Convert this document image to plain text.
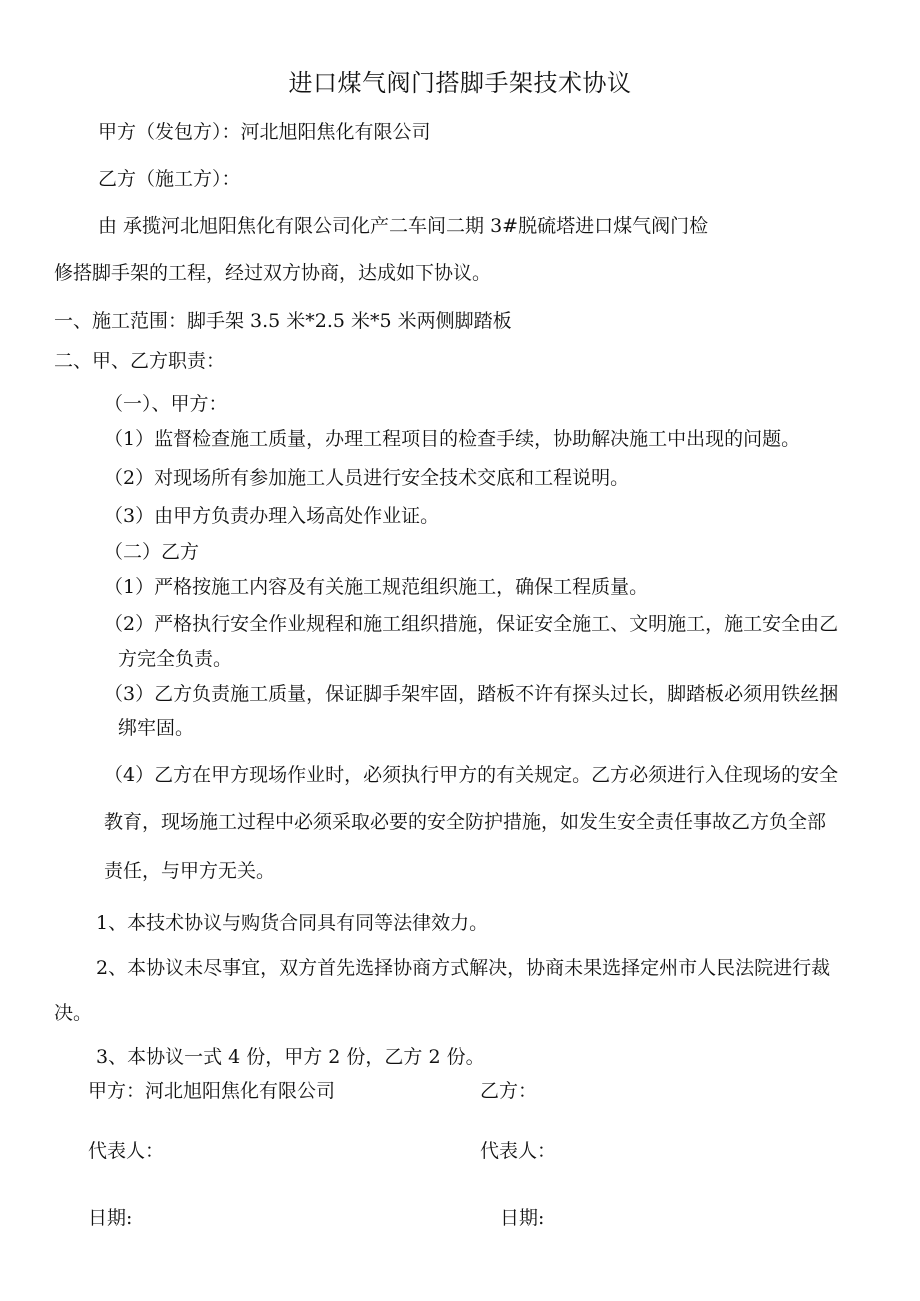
进口煤气阀门搭脚手架技术协议
甲方（发包方）：河北旭阳焦化有限公司
乙方（施工方）：
由 承揽河北旭阳焦化有限公司化产二车间二期 3#脱硫塔进口煤气阀门检
修搭脚手架的工程，经过双方协商，达成如下协议。
一、施工范围：脚手架 3.5 米*2.5 米*5 米两侧脚踏板
二、甲、乙方职责：
（一）、甲方：
（1）监督检查施工质量，办理工程项目的检查手续，协助解决施工中出现的问题。
（2）对现场所有参加施工人员进行安全技术交底和工程说明。
（3）由甲方负责办理入场高处作业证。
（二）乙方
（1）严格按施工内容及有关施工规范组织施工，确保工程质量。
（2）严格执行安全作业规程和施工组织措施，保证安全施工、文明施工，施工安全由乙
方完全负责。
（3）乙方负责施工质量，保证脚手架牢固，踏板不许有探头过长，脚踏板必须用铁丝捆
绑牢固。
（4）乙方在甲方现场作业时，必须执行甲方的有关规定。乙方必须进行入住现场的安全
教育，现场施工过程中必须采取必要的安全防护措施，如发生安全责任事故乙方负全部
责任，与甲方无关。
1、本技术协议与购货合同具有同等法律效力。
2、本协议未尽事宜，双方首先选择协商方式解决，协商未果选择定州市人民法院进行裁
决。
3、本协议一式 4 份，甲方 2 份，乙方 2 份。
甲方：河北旭阳焦化有限公司	乙方：
代表人：	代表人：
日期:	日期:
